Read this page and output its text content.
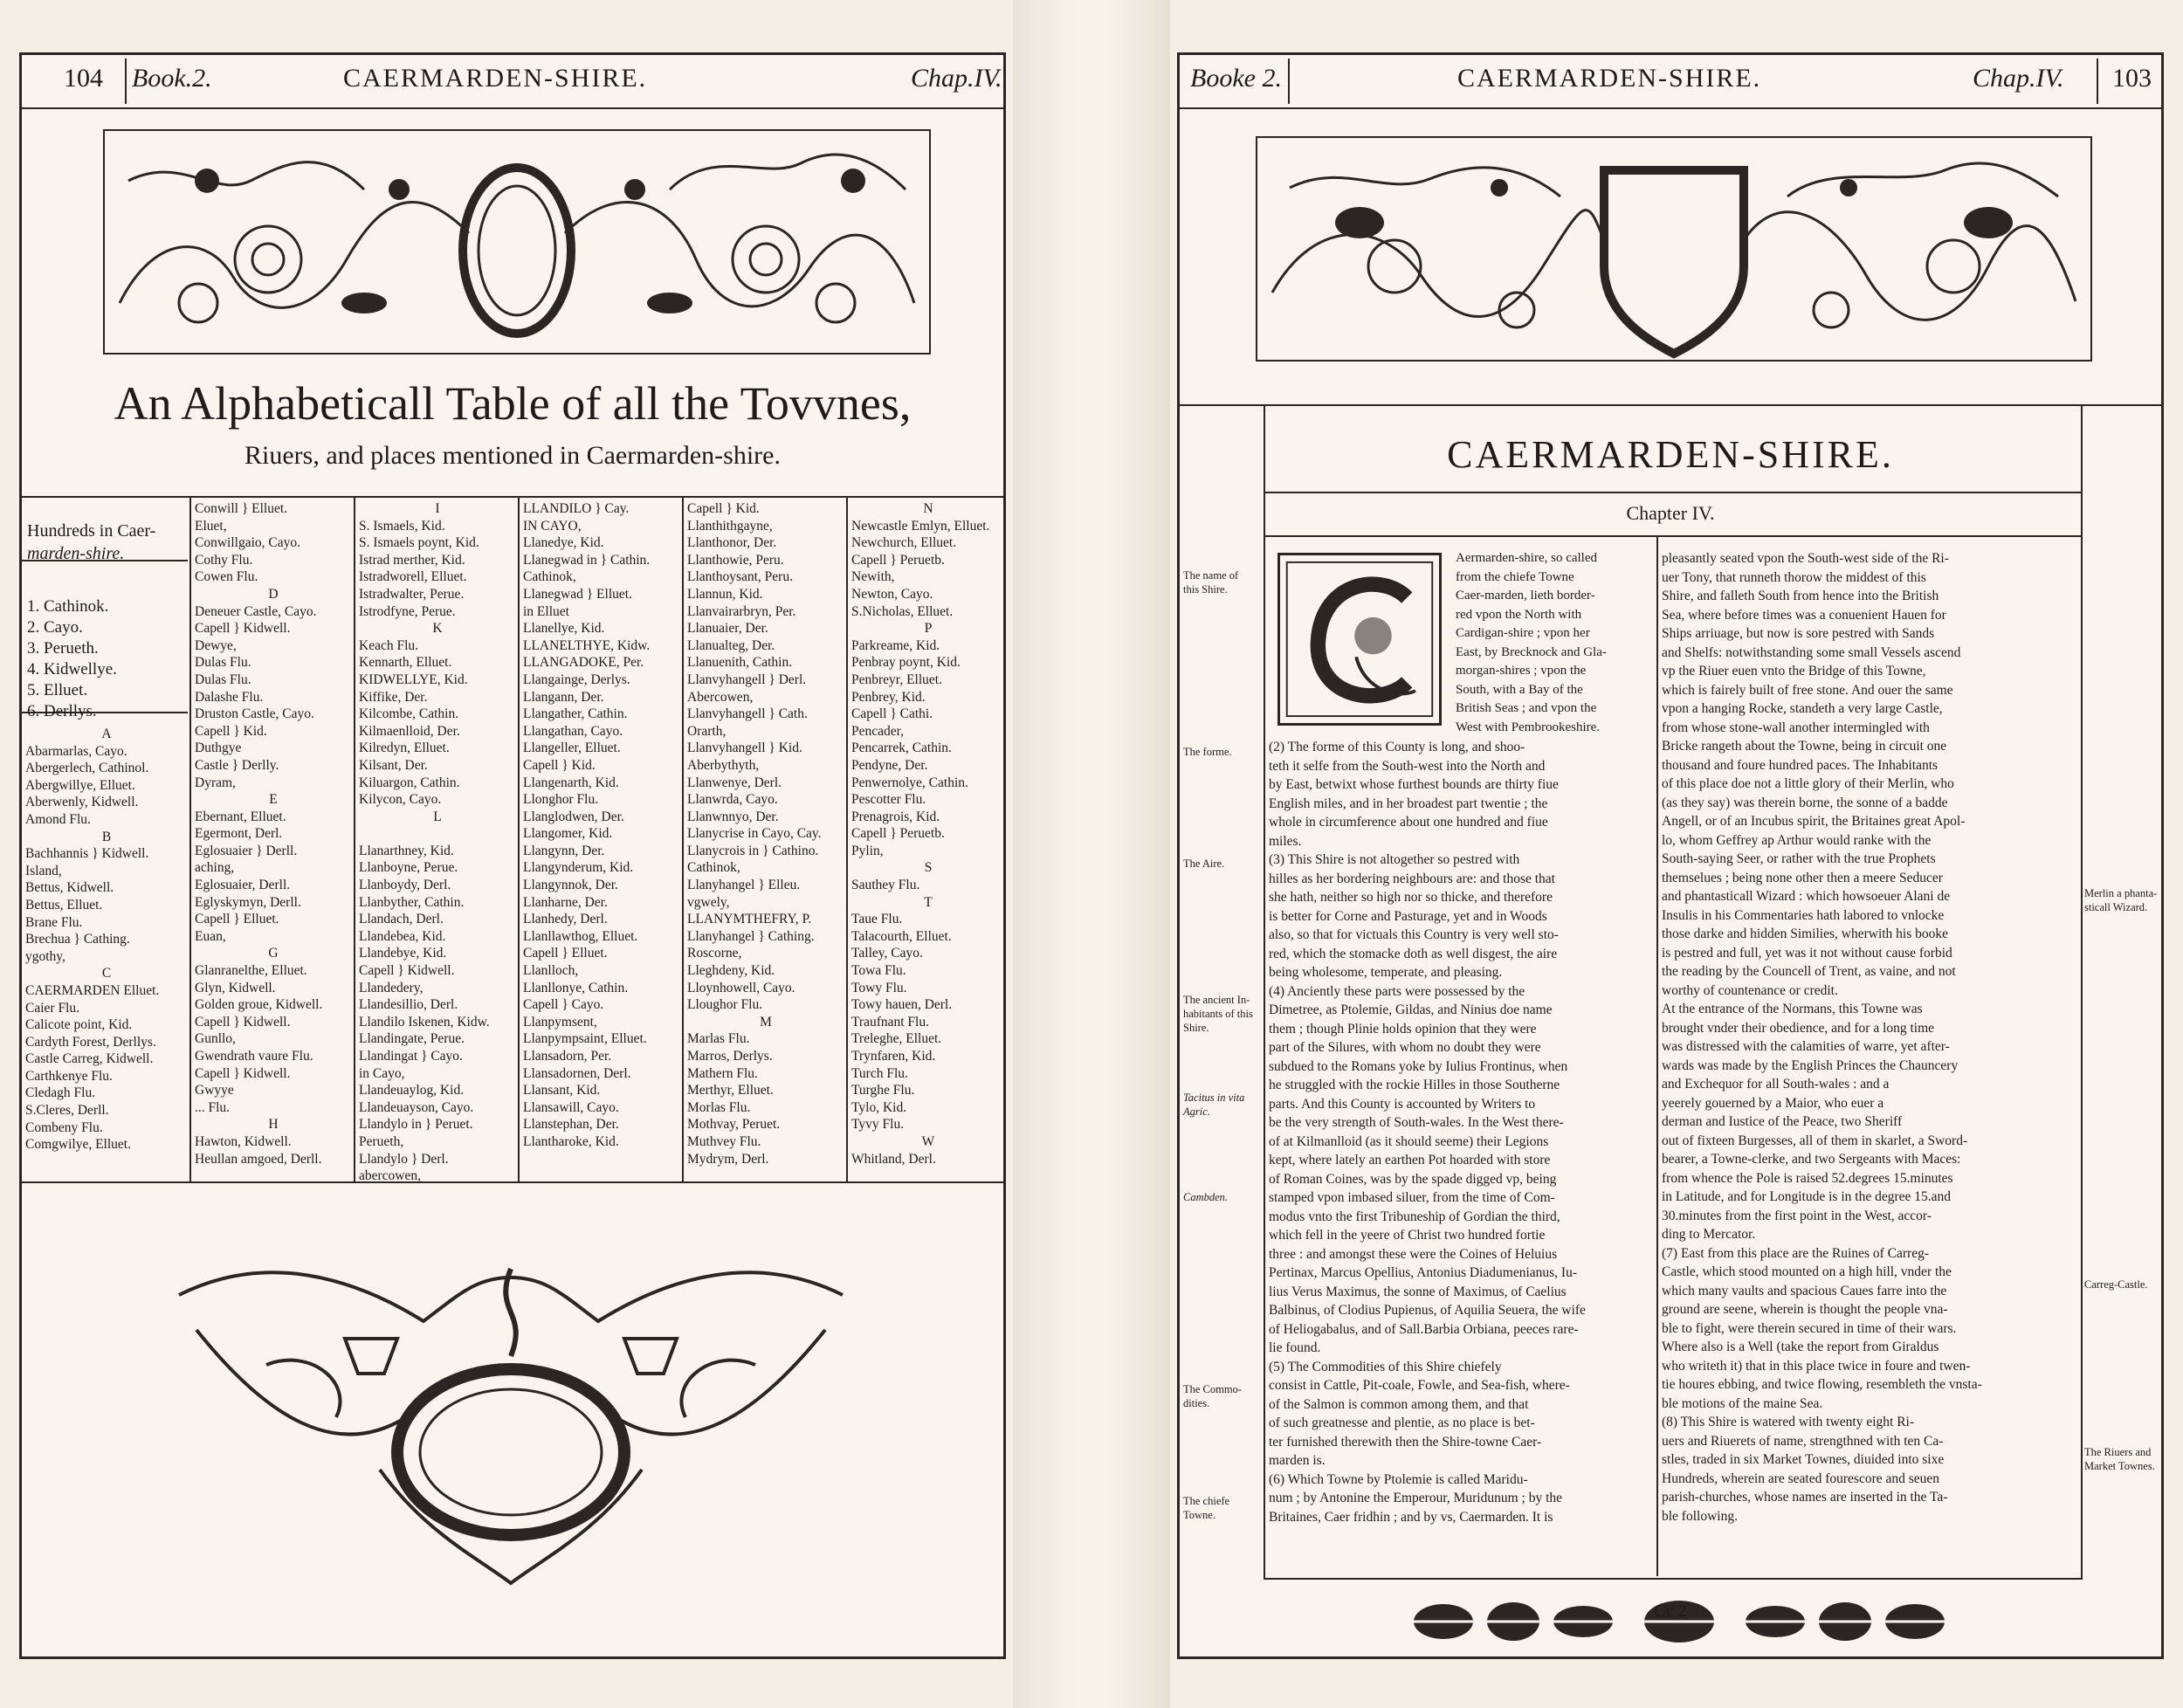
104 Book.2.	CAERMARDEN-SHIRE.	Chap.IV.
An Alphabeticall Table of all the Tovvnes,
Riuers, and places mentioned in Caermarden-shire.
Hundreds in Caer-
marden-shire.
1. Cathinok.
2. Cayo.
3. Perueth.
4. Kidwellye.
5. Elluet.
6. Derllys.
A
Abarmarlas, Cayo.
Abergerlech, Cathinol.
Abergwillye, Elluet.
Aberwenly, Kidwell.
Amond Flu.
B
Bachhannis } Kidwell.
Island,
Bettus, Kidwell.
Bettus, Elluet.
Brane Flu.
Brechua } Cathing.
ygothy,
C
CAERMARDEN Elluet.
Caier Flu.
Calicote point, Kid.
Cardyth Forest, Derllys.
Castle Carreg, Kidwell.
Carthkenye Flu.
Cledagh Flu.
S.Cleres, Derll.
Combeny Flu.
Comgwilye, Elluet.
Conwill } Elluet.
Eluet,
Conwillgaio, Cayo.
Cothy Flu.
Cowen Flu.
D
Deneuer Castle, Cayo.
Capell } Kidwell.
Dewye,
Dulas Flu.
Dulas Flu.
Dalashe Flu.
Druston Castle, Cayo.
Capell } Kid.
Duthgye
Castle } Derlly.
Dyram,
E
Ebernant, Elluet.
Egermont, Derl.
Eglosuaier } Derll.
aching,
Eglosuaier, Derll.
Eglyskymyn, Derll.
Capell } Elluet.
Euan,
G
Glanranelthe, Elluet.
Glyn, Kidwell.
Golden groue, Kidwell.
Capell } Kidwell.
Gunllo,
Gwendrath vaure Flu.
Capell } Kidwell.
Gwyye
... Flu.
H
Hawton, Kidwell.
Heullan amgoed, Derll.
I
S. Ismaels, Kid.
S. Ismaels poynt, Kid.
Istrad merther, Kid.
Istradworell, Elluet.
Istradwalter, Perue.
Istrodfyne, Perue.
K
Keach Flu.
Kennarth, Elluet.
KIDWELLYE, Kid.
Kiffike, Der.
Kilcombe, Cathin.
Kilmaenlloid, Der.
Kilredyn, Elluet.
Kilsant, Der.
Kiluargon, Cathin.
Kilycon, Cayo.
L
Llanarthney, Kid.
Llanboyne, Perue.
Llanboydy, Derl.
Llanbyther, Cathin.
Llandach, Derl.
Llandebea, Kid.
Llandebye, Kid.
Capell } Kidwell.
Llandedery,
Llandesillio, Derl.
Llandilo Iskenen, Kidw.
Llandingate, Perue.
Llandingat } Cayo.
in Cayo,
Llandeuaylog, Kid.
Llandeuayson, Cayo.
Llandylo in } Peruet.
Perueth,
Llandylo } Derl.
abercowen,
LLANDILO } Cay.
IN CAYO,
Llanedye, Kid.
Llanegwad in } Cathin.
Cathinok,
Llanegwad } Elluet.
in Elluet
Llanellye, Kid.
LLANELTHYE, Kidw.
LLANGADOKE, Per.
Llangainge, Derlys.
Llangann, Der.
Llangather, Cathin.
Llangathan, Cayo.
Llangeller, Elluet.
Capell } Kid.
Llangenarth, Kid.
Llonghor Flu.
Llanglodwen, Der.
Llangomer, Kid.
Llangynn, Der.
Llangynderum, Kid.
Llangynnok, Der.
Llanharne, Der.
Llanhedy, Derl.
Llanllawthog, Elluet.
Capell } Elluet.
Llanlloch,
Llanllonye, Cathin.
Capell } Cayo.
Llanpymsent,
Llanpympsaint, Elluet.
Llansadorn, Per.
Llansadornen, Derl.
Llansant, Kid.
Llansawill, Cayo.
Llanstephan, Der.
Llantharoke, Kid.
Capell } Kid.
Llanthithgayne,
Llanthonor, Der.
Llanthowie, Peru.
Llanthoysant, Peru.
Llannun, Kid.
Llanvairarbryn, Per.
Llanuaier, Der.
Llanualteg, Der.
Llanuenith, Cathin.
Llanvyhangell } Derl.
Abercowen,
Llanvyhangell } Cath.
Orarth,
Llanvyhangell } Kid.
Aberbythyth,
Llanwenye, Derl.
Llanwrda, Cayo.
Llanwnnyo, Der.
Llanycrise in Cayo, Cay.
Llanycrois in } Cathino.
Cathinok,
Llanyhangel } Elleu.
vgwely,
LLANYMTHEFRY, P.
Llanyhangel } Cathing.
Roscorne,
Lleghdeny, Kid.
Lloynhowell, Cayo.
Lloughor Flu.
M
Marlas Flu.
Marros, Derlys.
Mathern Flu.
Merthyr, Elluet.
Morlas Flu.
Mothvay, Peruet.
Muthvey Flu.
Mydrym, Derl.
N
Newcastle Emlyn, Elluet.
Newchurch, Elluet.
Capell } Peruetb.
Newith,
Newton, Cayo.
S.Nicholas, Elluet.
P
Parkreame, Kid.
Penbray poynt, Kid.
Penbreyr, Elluet.
Penbrey, Kid.
Capell } Cathi.
Pencader,
Pencarrek, Cathin.
Pendyne, Der.
Penwernolye, Cathin.
Pescotter Flu.
Prenagrois, Kid.
Capell } Peruetb.
Pylin,
S
Sauthey Flu.
T
Taue Flu.
Talacourth, Elluet.
Talley, Cayo.
Towa Flu.
Towy Flu.
Towy hauen, Derl.
Traufnant Flu.
Treleghe, Elluet.
Trynfaren, Kid.
Turch Flu.
Turghe Flu.
Tylo, Kid.
Tyvy Flu.
W
Whitland, Derl.
Booke 2.	CAERMARDEN-SHIRE.	Chap.IV. 103
CAERMARDEN-SHIRE.
Chapter IV.
Aermarden-shire, so called
from the chiefe Towne
Caer-marden, lieth border-
red vpon the North with
Cardigan-shire ; vpon her
East, by Brecknock and Gla-
morgan-shires ; vpon the
South, with a Bay of the
British Seas ; and vpon the
West with Pembrookeshire.
(2) The forme of this County is long, and shoo-
teth it selfe from the South-west into the North and
by East, betwixt whose furthest bounds are thirty fiue
English miles, and in her broadest part twentie ; the
whole in circumference about one hundred and fiue
miles.
(3) This Shire is not altogether so pestred with
hilles as her bordering neighbours are: and those that
she hath, neither so high nor so thicke, and therefore
is better for Corne and Pasturage, yet and in Woods
also, so that for victuals this Country is very well sto-
red, which the stomacke doth as well disgest, the aire
being wholesome, temperate, and pleasing.
(4) Anciently these parts were possessed by the
Dimetree, as Ptolemie, Gildas, and Ninius doe name
them ; though Plinie holds opinion that they were
part of the Silures, with whom no doubt they were
subdued to the Romans yoke by Iulius Frontinus, when
he struggled with the rockie Hilles in those Southerne
parts. And this County is accounted by Writers to
be the very strength of South-wales. In the West there-
of at Kilmanlloid (as it should seeme) their Legions
kept, where lately an earthen Pot hoarded with store
of Roman Coines, was by the spade digged vp, being
stamped vpon imbased siluer, from the time of Com-
modus vnto the first Tribuneship of Gordian the third,
which fell in the yeere of Christ two hundred fortie
three : and amongst these were the Coines of Heluius
Pertinax, Marcus Opellius, Antonius Diadumenianus, Iu-
lius Verus Maximus, the sonne of Maximus, of Caelius
Balbinus, of Clodius Pupienus, of Aquilia Seuera, the wife
of Heliogabalus, and of Sall.Barbia Orbiana, peeces rare-
lie found.
(5) The Commodities of this Shire chiefely
consist in Cattle, Pit-coale, Fowle, and Sea-fish, where-
of the Salmon is common among them, and that
of such greatnesse and plentie, as no place is bet-
ter furnished therewith then the Shire-towne Caer-
marden is.
(6) Which Towne by Ptolemie is called Maridu-
num ; by Antonine the Emperour, Muridunum ; by the
Britaines, Caer fridhin ; and by vs, Caermarden. It is
pleasantly seated vpon the South-west side of the Ri-
uer Tony, that runneth thorow the middest of this
Shire, and falleth South from hence into the British
Sea, where before times was a conuenient Hauen for
Ships arriuage, but now is sore pestred with Sands
and Shelfs: notwithstanding some small Vessels ascend
vp the Riuer euen vnto the Bridge of this Towne,
which is fairely built of free stone. And ouer the same
vpon a hanging Rocke, standeth a very large Castle,
from whose stone-wall another intermingled with
Bricke rangeth about the Towne, being in circuit one
thousand and foure hundred paces. The Inhabitants
of this place doe not a little glory of their Merlin, who
(as they say) was therein borne, the sonne of a badde
Angell, or of an Incubus spirit, the Britaines great Apol-
lo, whom Geffrey ap Arthur would ranke with the
South-saying Seer, or rather with the true Prophets
themselues ; being none other then a meere Seducer
and phantasticall Wizard : which howsoeuer Alani de
Insulis in his Commentaries hath labored to vnlocke
those darke and hidden Similies, wherwith his booke
is pestred and full, yet was it not without cause forbid
the reading by the Councell of Trent, as vaine, and not
worthy of countenance or credit.
At the entrance of the Normans, this Towne was
brought vnder their obedience, and for a long time
was distressed with the calamities of warre, yet after-
wards was made by the English Princes the Chauncery
and Exchequor for all South-wales : and a
yeerely gouerned by a Maior, who euer a
derman and Iustice of the Peace, two Sheriff
out of fixteen Burgesses, all of them in skarlet, a Sword-
bearer, a Towne-clerke, and two Sergeants with Maces:
from whence the Pole is raised 52.degrees 15.minutes
in Latitude, and for Longitude is in the degree 15.and
30.minutes from the first point in the West, accor-
ding to Mercator.
(7) East from this place are the Ruines of Carreg-
Castle, which stood mounted on a high hill, vnder the
which many vaults and spacious Caues farre into the
ground are seene, wherein is thought the people vna-
ble to fight, were therein secured in time of their wars.
Where also is a Well (take the report from Giraldus
who writeth it) that in this place twice in foure and twen-
tie houres ebbing, and twice flowing, resembleth the vnsta-
ble motions of the maine Sea.
(8) This Shire is watered with twenty eight Ri-
uers and Riuerets of name, strengthned with ten Ca-
stles, traded in six Market Townes, diuided into sixe
Hundreds, wherein are seated fourescore and seuen
parish-churches, whose names are inserted in the Ta-
ble following.
The name of
this Shire.
The forme.
The Aire.
The ancient In-
habitants of this
Shire.
Tacitus in vita
Agric.
Cambden.
The Commo-
dities.
The chiefe
Towne.
Merlin a phanta-
sticall Wizard.
Carreg-Castle.
The Riuers and
Market Townes.
Cc 2
